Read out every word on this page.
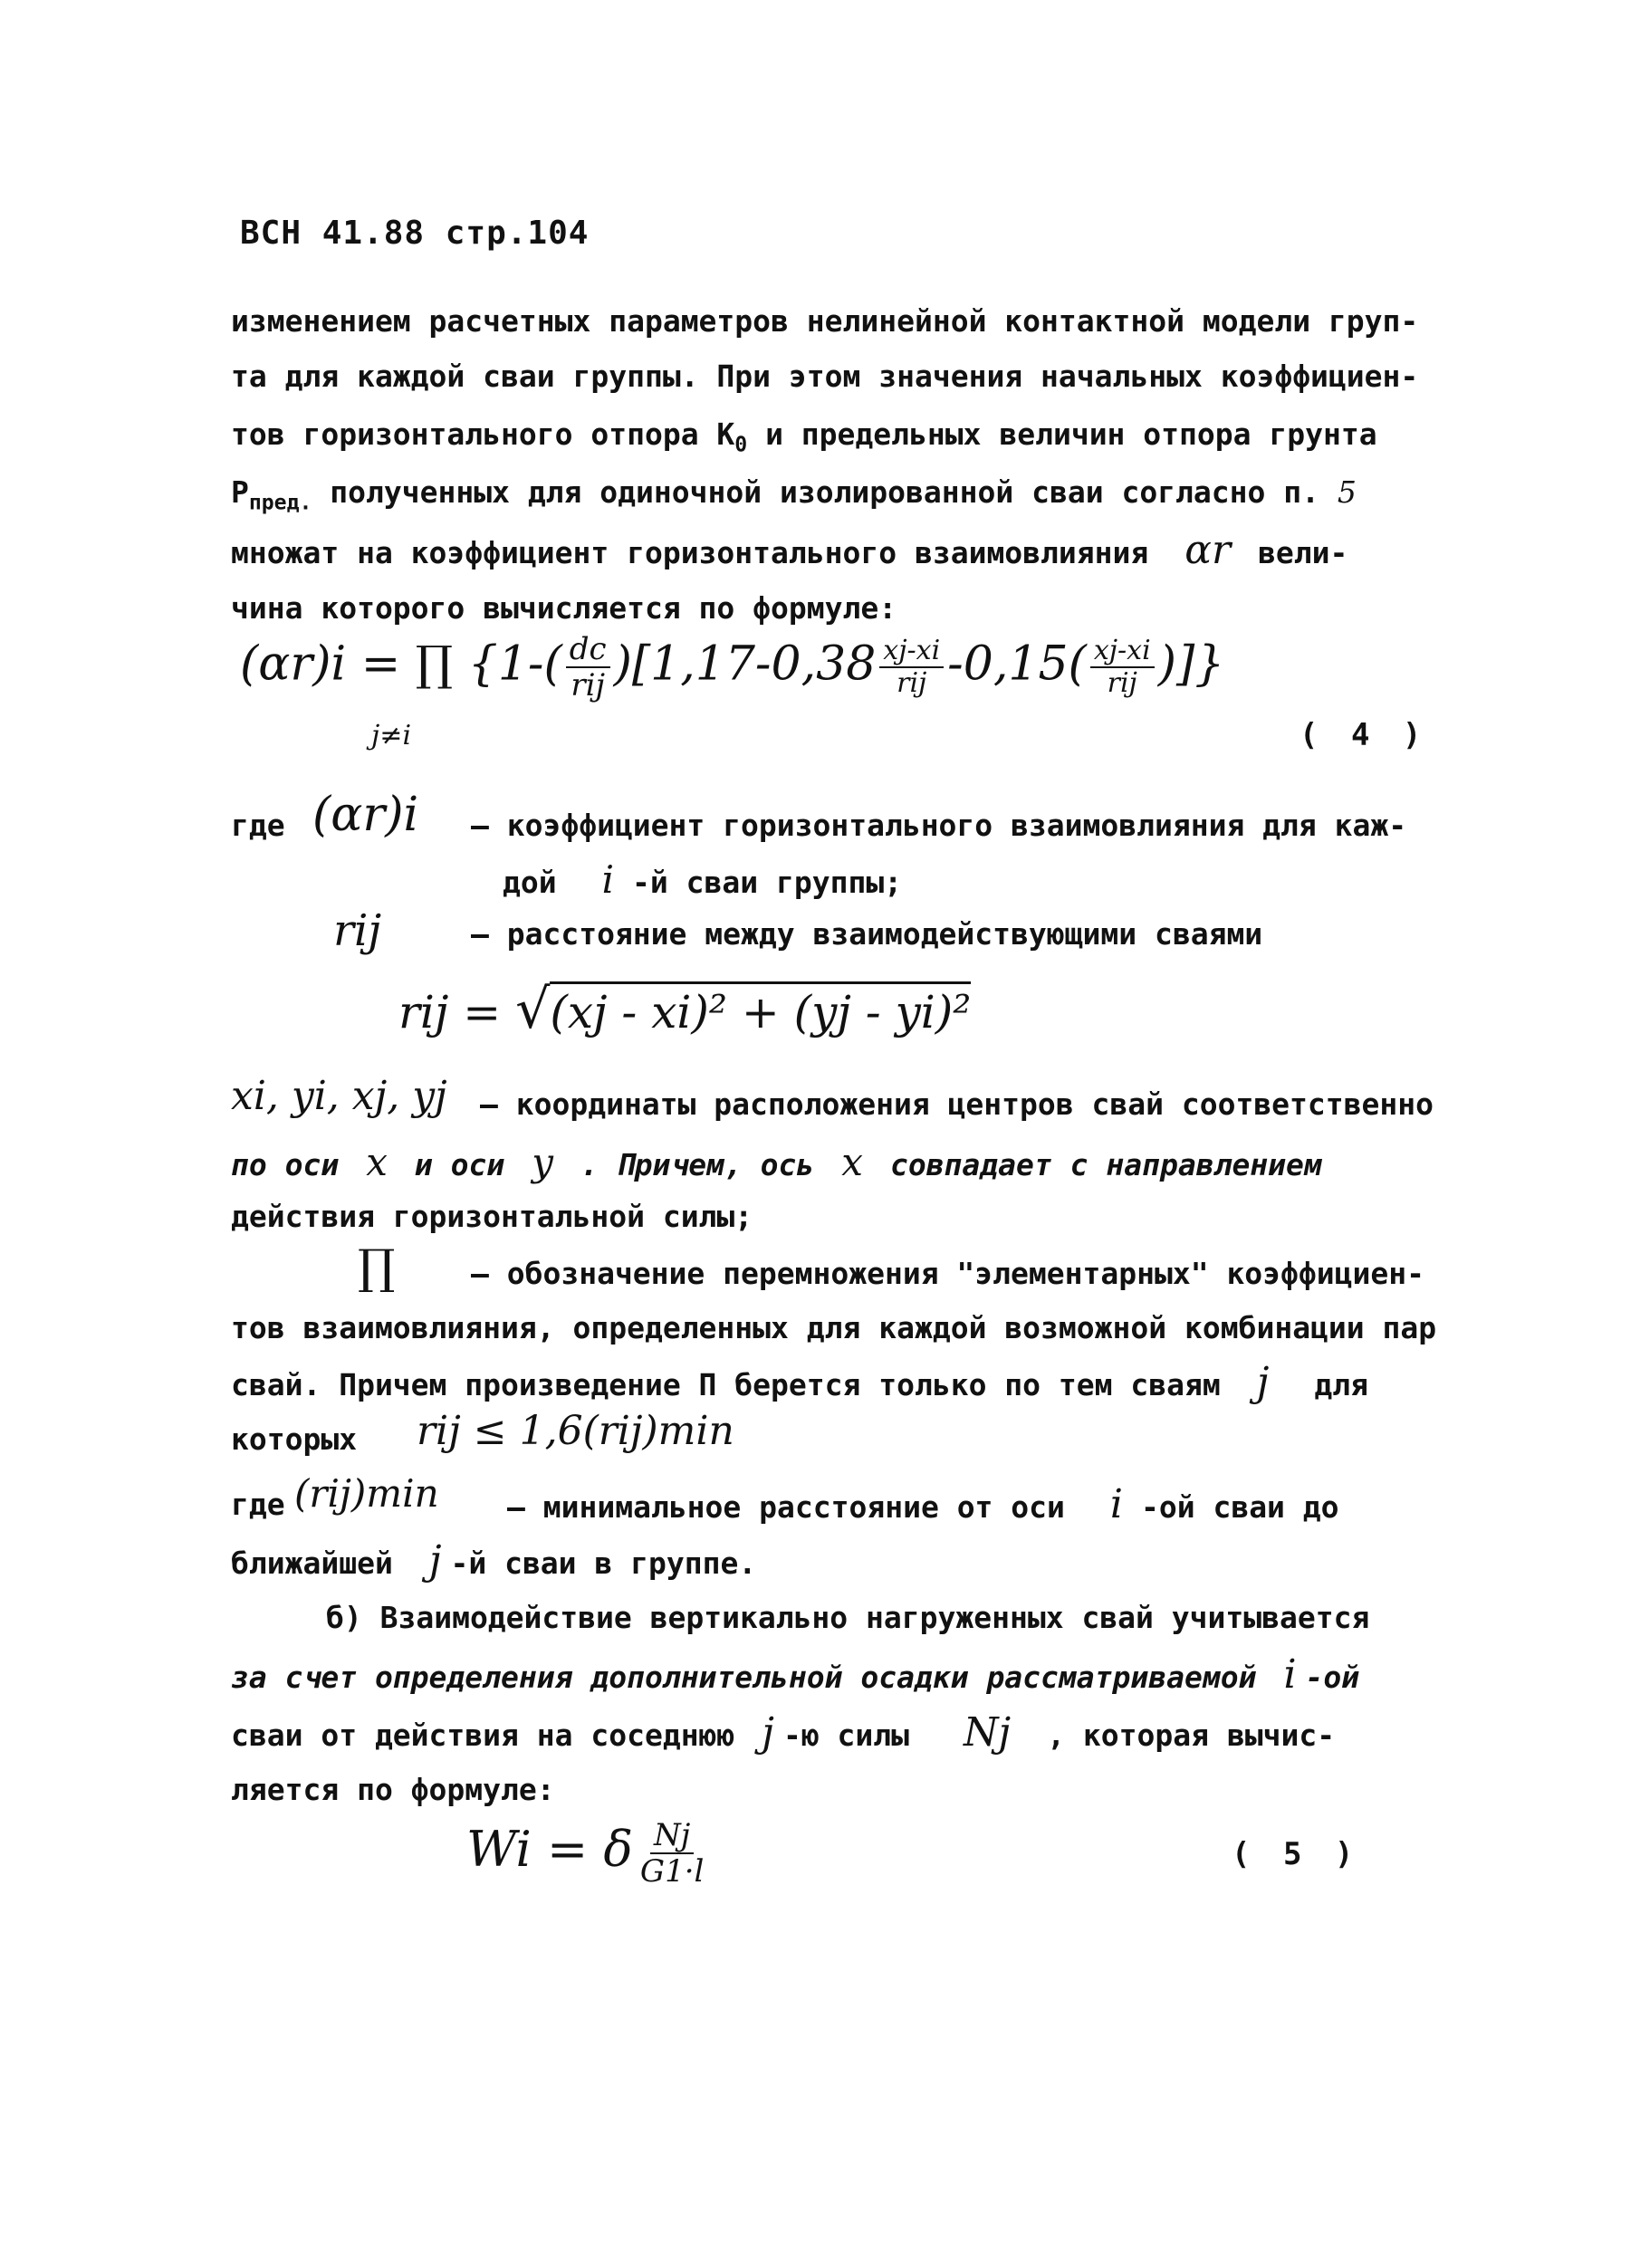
ВСН 41.88 стр.104
изменением расчетных параметров нелинейной контактной модели груп-
та для каждой сваи группы. При этом значения начальных коэффициен-
тов горизонтального отпора $K_0$ и предельных величин отпора грунта
$P_{пред.}$ полученных для одиночной изолированной сваи согласно п. 5
множат на коэффициент горизонтального взаимовлияния αr вели-
чина которого вычисляется по формуле:
(αr)i = ∏ {$1-( \frac{dc}{\text{rij}} )[1,17-0,38 \frac{xj-xi}{\text{rij}} -0,15( \frac{xj-xi}{\text{rij}}$ )]}
j≠i	( 4 )
где (αr)i – коэффициент горизонтального взаимовлияния для каж-
дой i -й сваи группы;
rij	– расстояние между взаимодействующими сваями
rij = √(xj - xi)² + (yj - yi)²
xi, yi, xj, yj – координаты расположения центров свай соответственно
по оси x и оси y . Причем, ось x совпадает с направлением
действия горизонтальной силы;
∏	– обозначение перемножения "элементарных" коэффициен-
тов взаимовлияния, определенных для каждой возможной комбинации пар
свай. Причем произведение П берется только по тем сваям j для
которых rij ≤ 1,6(rij)min
где (rij)min – минимальное расстояние от оси i -ой сваи до
ближайшей j -й сваи в группе.
б) Взаимодействие вертикально нагруженных свай учитывается
за счет определения дополнительной осадки рассматриваемой i -ой
сваи от действия на соседнюю j -ю силы Nj , которая вычис-
ляется по формуле:
Wi = δ $\frac{Nj}{G1\cdot l}$	( 5 )
